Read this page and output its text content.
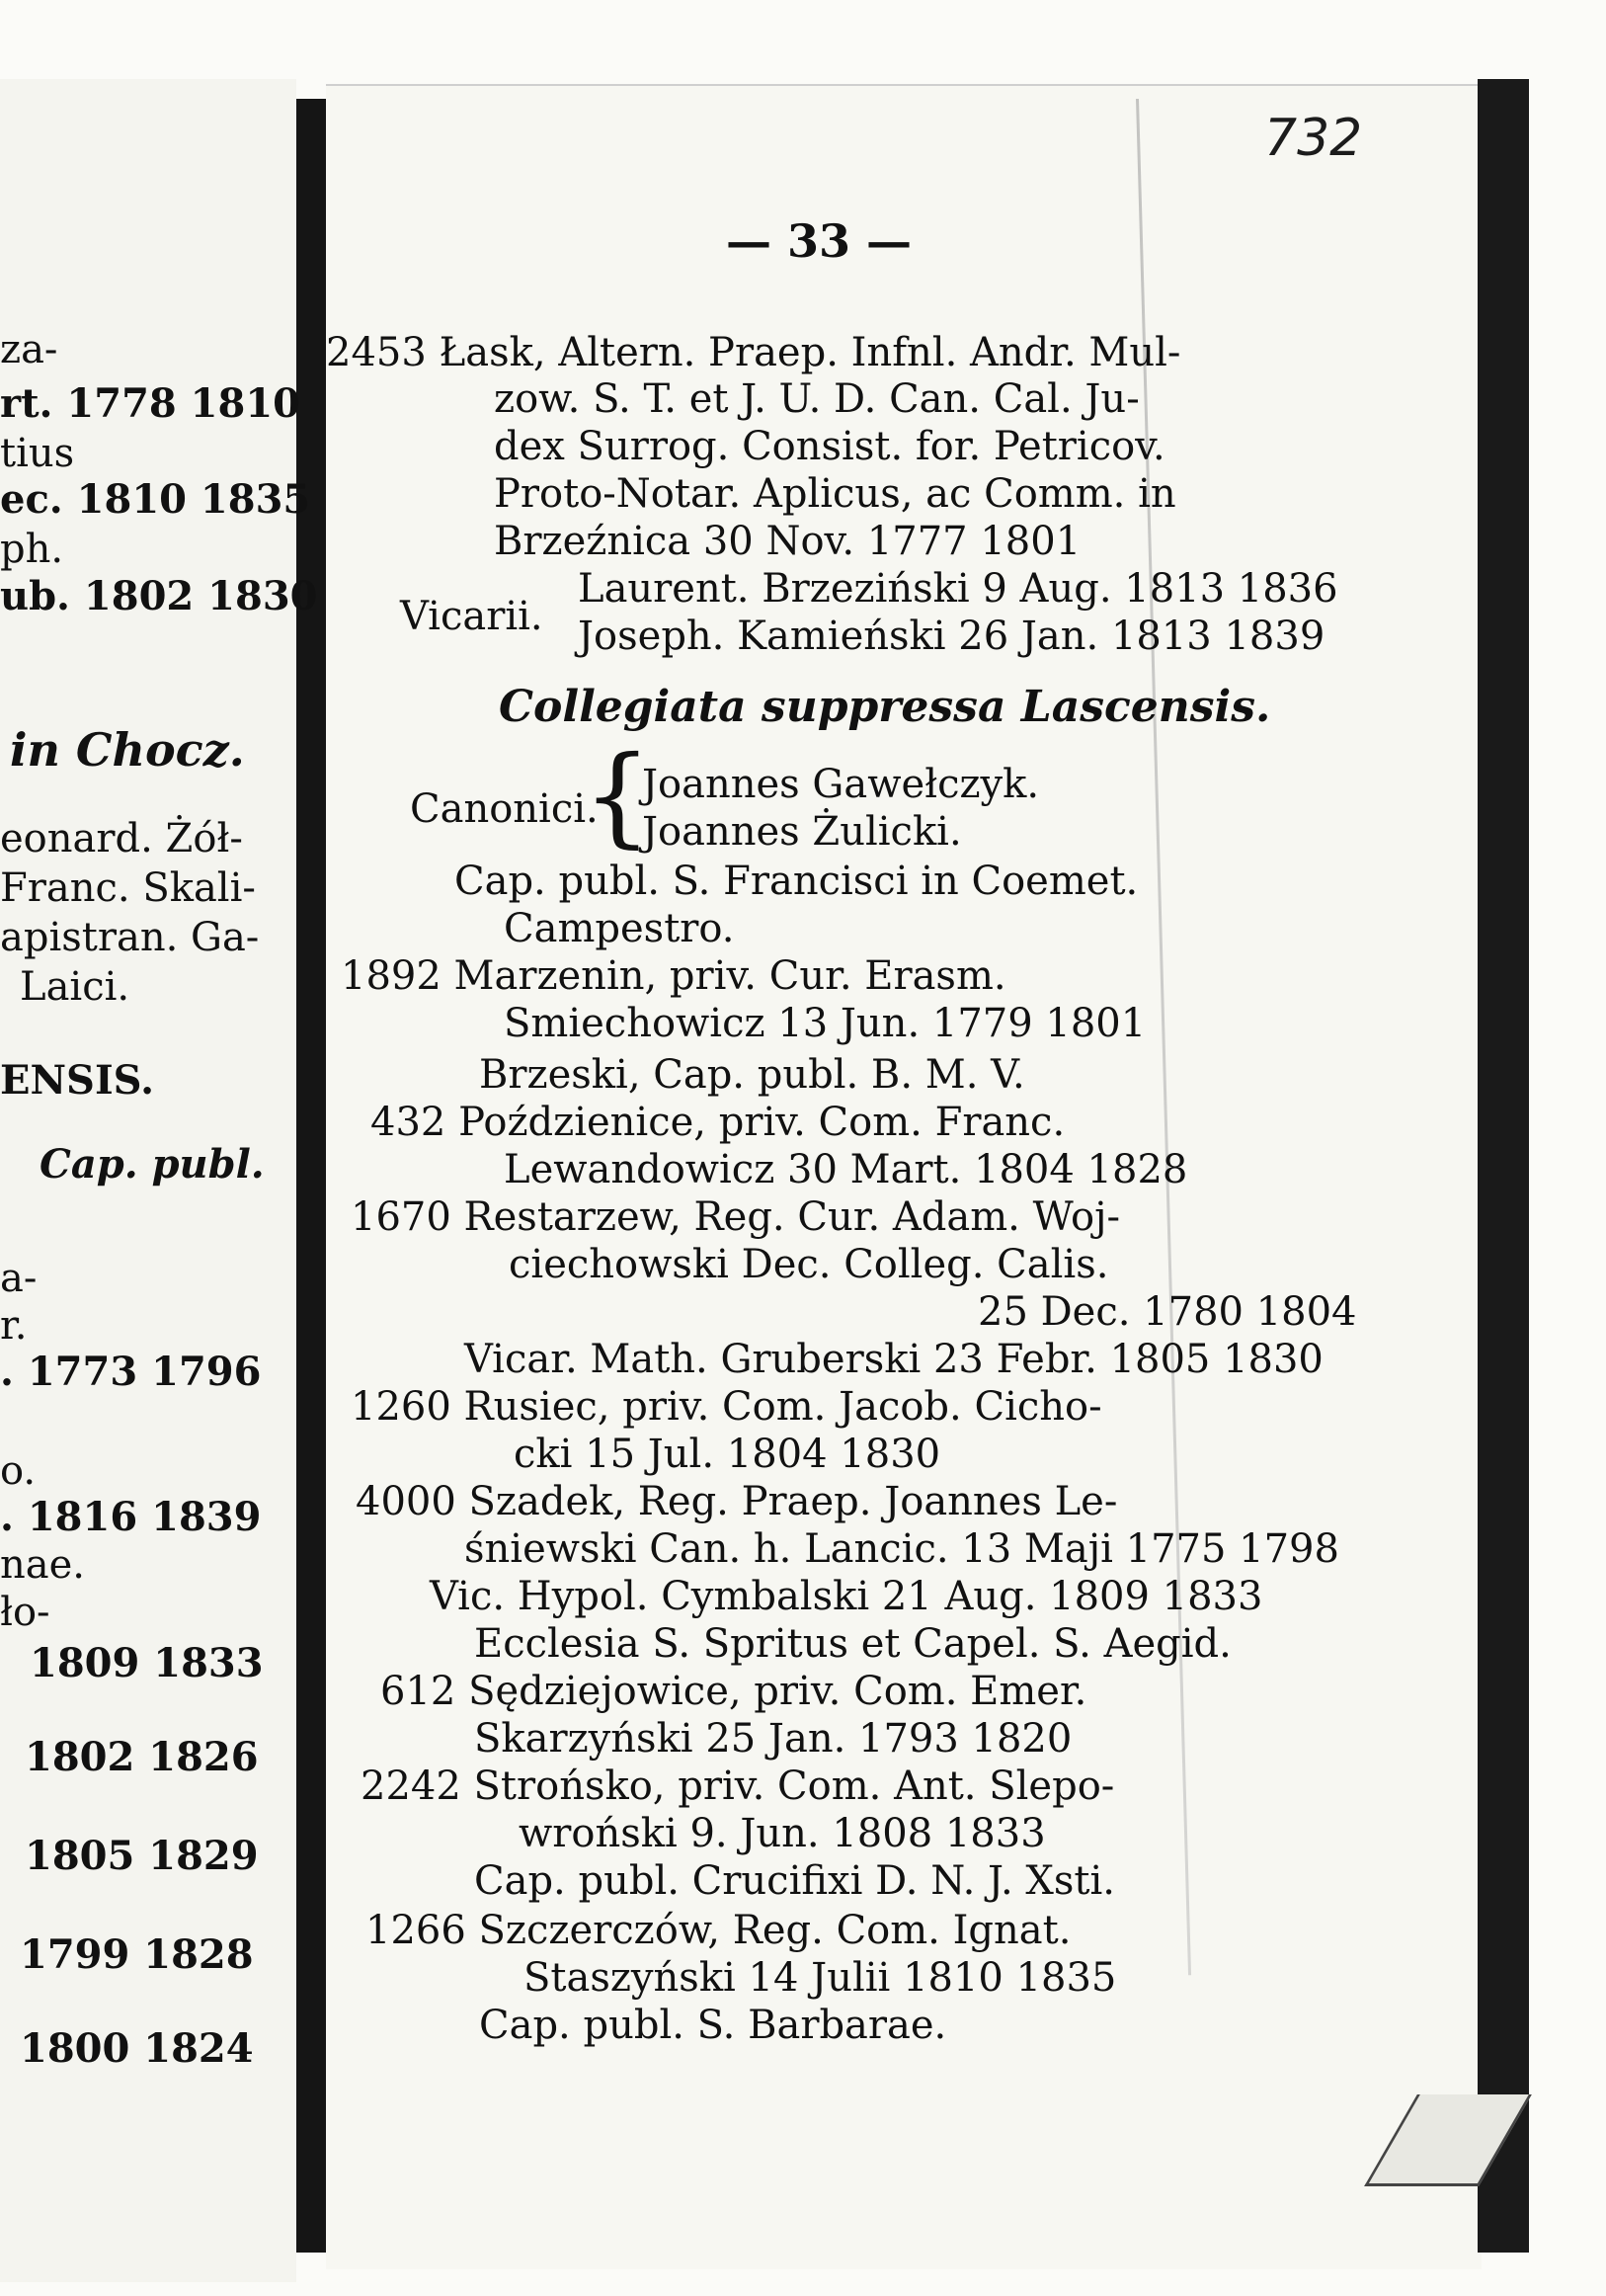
za-
rt. 1778 1810
tius
ec. 1810 1835
ph.
ub. 1802 1830
in Chocz.
eonard. Żół-
Franc. Skali-
apistran. Ga-
Laici.
ENSIS.
Cap. publ.
a-
r.
. 1773 1796
o.
. 1816 1839
nae.
ło-
1809 1833
1802 1826
1805 1829
1799 1828
1800 1824
732
— 33 —
2453 Łask, Altern. Praep. Infnl. Andr. Mul-
zow. S. T. et J. U. D. Can. Cal. Ju-
dex Surrog. Consist. for. Petricov.
Proto-Notar. Aplicus, ac Comm. in
Brzeźnica 30 Nov. 1777 1801
Laurent. Brzeziński 9 Aug. 1813 1836
Vicarii. Joseph. Kamieński 26 Jan. 1813 1839
Collegiata suppressa Lascensis.
Canonici.
{
Joannes Gawełczyk.
Joannes Żulicki.
Cap. publ. S. Francisci in Coemet.
Campestro.
1892 Marzenin, priv. Cur. Erasm.
Smiechowicz 13 Jun. 1779 1801
Brzeski, Cap. publ. B. M. V.
432 Poździenice, priv. Com. Franc.
Lewandowicz 30 Mart. 1804 1828
1670 Restarzew, Reg. Cur. Adam. Woj-
ciechowski Dec. Colleg. Calis.
25 Dec. 1780 1804
Vicar. Math. Gruberski 23 Febr. 1805 1830
1260 Rusiec, priv. Com. Jacob. Cicho-
cki 15 Jul. 1804 1830
4000 Szadek, Reg. Praep. Joannes Le-
śniewski Can. h. Lancic. 13 Maji 1775 1798
Vic. Hypol. Cymbalski 21 Aug. 1809 1833
Ecclesia S. Spritus et Capel. S. Aegid.
612 Sędziejowice, priv. Com. Emer.
Skarzyński 25 Jan. 1793 1820
2242 Strońsko, priv. Com. Ant. Slepo-
wroński 9. Jun. 1808 1833
Cap. publ. Crucifixi D. N. J. Xsti.
1266 Szczerczów, Reg. Com. Ignat.
Staszyński 14 Julii 1810 1835
Cap. publ. S. Barbarae.
